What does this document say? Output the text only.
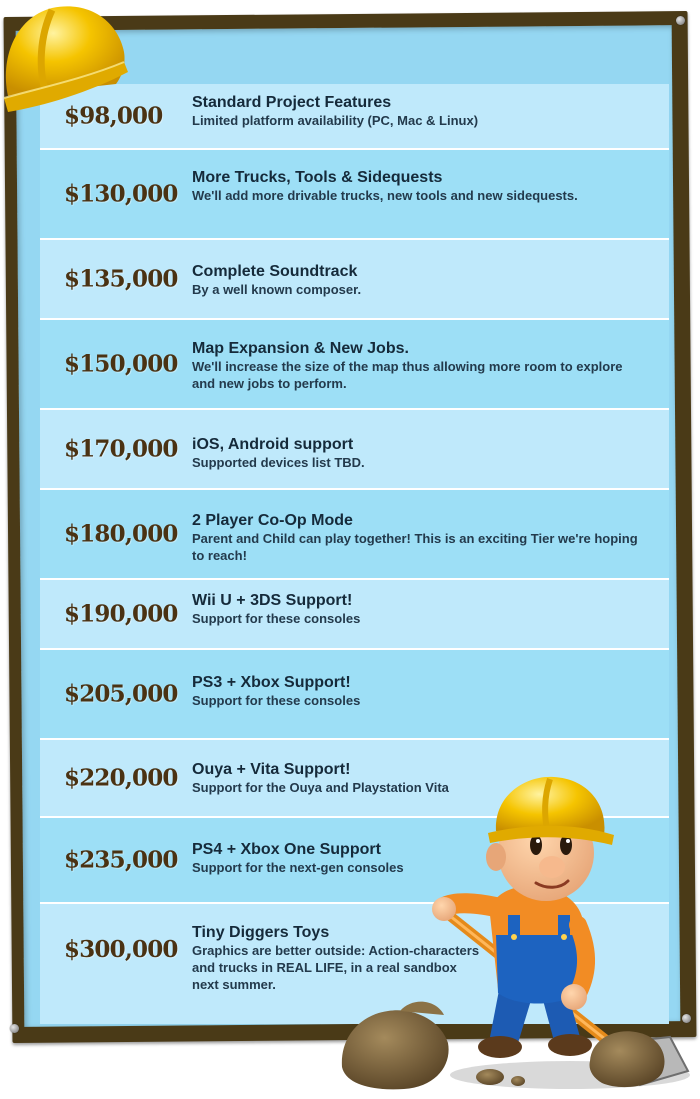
$98,000 Standard Project Features
Limited platform availability (PC, Mac & Linux)
$130,000
More Trucks, Tools & Sidequests
We'll add more drivable trucks, new tools and new sidequests.
$135,000 Complete Soundtrack
By a well known composer.
$150,000
Map Expansion & New Jobs.
We'll increase the size of the map thus allowing more room to explore and new jobs to perform.
$170,000 iOS, Android support
Supported devices list TBD.
$180,000 2 Player Co-Op Mode
Parent and Child can play together! This is an exciting Tier we're hoping to reach!
$190,000 Wii U + 3DS Support!
Support for these consoles
$205,000 PS3 + Xbox Support!
Support for these consoles
$220,000 Ouya + Vita Support!
Support for the Ouya and Playstation Vita
$235,000 PS4 + Xbox One Support
Support for the next-gen consoles
$300,000
Tiny Diggers Toys
Graphics are better outside: Action-characters and trucks in REAL LIFE, in a real sandbox next summer.
